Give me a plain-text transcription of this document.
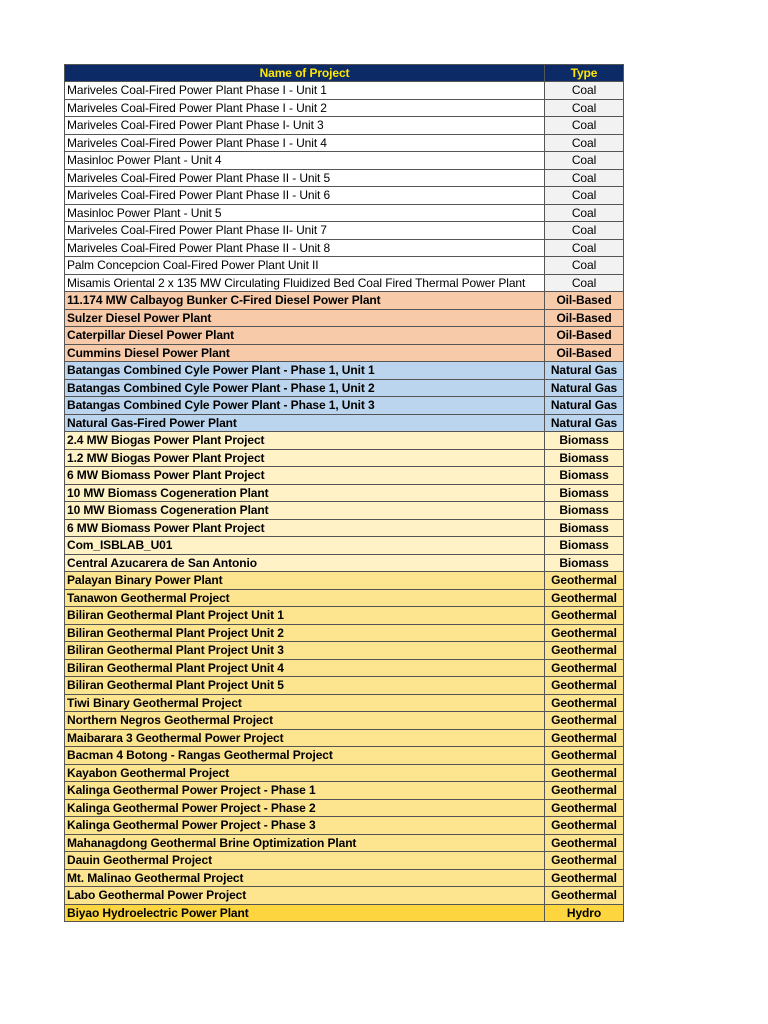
Name of Project	Type
Mariveles Coal-Fired Power Plant Phase I - Unit 1	Coal
Mariveles Coal-Fired Power Plant Phase I - Unit 2	Coal
Mariveles Coal-Fired Power Plant Phase I- Unit 3	Coal
Mariveles Coal-Fired Power Plant Phase I - Unit 4	Coal
Masinloc Power Plant - Unit 4	Coal
Mariveles Coal-Fired Power Plant Phase II - Unit 5	Coal
Mariveles Coal-Fired Power Plant Phase II - Unit 6	Coal
Masinloc Power Plant - Unit 5	Coal
Mariveles Coal-Fired Power Plant Phase II- Unit 7	Coal
Mariveles Coal-Fired Power Plant Phase II - Unit 8	Coal
Palm Concepcion Coal-Fired Power Plant Unit II	Coal
Misamis Oriental 2 x 135 MW Circulating Fluidized Bed Coal Fired Thermal Power Plant	Coal
11.174 MW Calbayog Bunker C-Fired Diesel Power Plant	Oil-Based
Sulzer Diesel Power Plant	Oil-Based
Caterpillar Diesel Power Plant	Oil-Based
Cummins Diesel Power Plant	Oil-Based
Batangas Combined Cyle Power Plant - Phase 1, Unit 1	Natural Gas
Batangas Combined Cyle Power Plant - Phase 1, Unit 2	Natural Gas
Batangas Combined Cyle Power Plant - Phase 1, Unit 3	Natural Gas
Natural Gas-Fired Power Plant	Natural Gas
2.4 MW Biogas Power Plant Project	Biomass
1.2 MW Biogas Power Plant Project	Biomass
6 MW Biomass Power Plant Project	Biomass
10 MW Biomass Cogeneration Plant	Biomass
10 MW Biomass Cogeneration Plant	Biomass
6 MW Biomass Power Plant Project	Biomass
Com_ISBLAB_U01	Biomass
Central Azucarera de San Antonio	Biomass
Palayan Binary Power Plant	Geothermal
Tanawon Geothermal Project	Geothermal
Biliran Geothermal Plant Project Unit 1	Geothermal
Biliran Geothermal Plant Project Unit 2	Geothermal
Biliran Geothermal Plant Project Unit 3	Geothermal
Biliran Geothermal Plant Project Unit 4	Geothermal
Biliran Geothermal Plant Project Unit 5	Geothermal
Tiwi Binary Geothermal Project	Geothermal
Northern Negros Geothermal Project	Geothermal
Maibarara 3 Geothermal Power Project	Geothermal
Bacman 4 Botong - Rangas Geothermal Project	Geothermal
Kayabon Geothermal Project	Geothermal
Kalinga Geothermal Power Project - Phase 1	Geothermal
Kalinga Geothermal Power Project - Phase 2	Geothermal
Kalinga Geothermal Power Project - Phase 3	Geothermal
Mahanagdong Geothermal Brine Optimization Plant	Geothermal
Dauin Geothermal Project	Geothermal
Mt. Malinao Geothermal Project	Geothermal
Labo Geothermal Power Project	Geothermal
Biyao Hydroelectric Power Plant	Hydro
